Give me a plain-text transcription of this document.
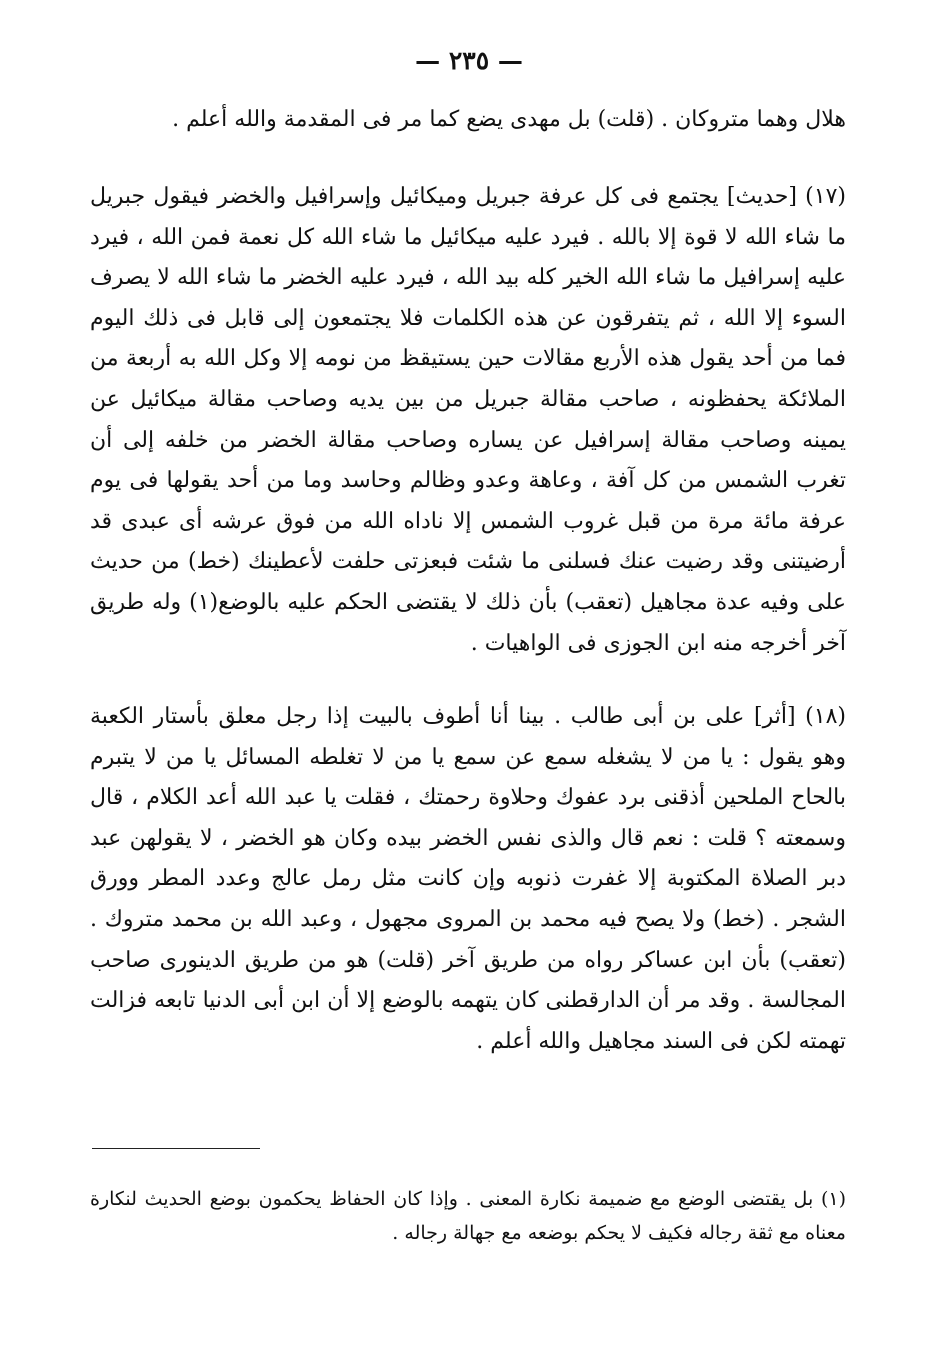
— ٢٣٥ —

هلال وهما متروكان . (قلت) بل مهدى يضع كما مر فى المقدمة والله أعلم .

(١٧) [حديث] يجتمع فى كل عرفة جبريل وميكائيل وإسرافيل والخضر فيقول جبريل ما شاء الله لا قوة إلا بالله . فيرد عليه ميكائيل ما شاء الله كل نعمة فمن الله ، فيرد عليه إسرافيل ما شاء الله الخير كله بيد الله ، فيرد عليه الخضر ما شاء الله لا يصرف السوء إلا الله ، ثم يتفرقون عن هذه الكلمات فلا يجتمعون إلى قابل فى ذلك اليوم فما من أحد يقول هذه الأربع مقالات حين يستيقظ من نومه إلا وكل الله به أربعة من الملائكة يحفظونه ، صاحب مقالة جبريل من بين يديه وصاحب مقالة ميكائيل عن يمينه وصاحب مقالة إسرافيل عن يساره وصاحب مقالة الخضر من خلفه إلى أن تغرب الشمس من كل آفة ، وعاهة وعدو وظالم وحاسد وما من أحد يقولها فى يوم عرفة مائة مرة من قبل غروب الشمس إلا ناداه الله من فوق عرشه أى عبدى قد أرضيتنى وقد رضيت عنك فسلنى ما شئت فبعزتى حلفت لأعطينك (خط) من حديث على وفيه عدة مجاهيل (تعقب) بأن ذلك لا يقتضى الحكم عليه بالوضع(١) وله طريق آخر أخرجه منه ابن الجوزى فى الواهيات .

(١٨) [أثر] على بن أبى طالب . بينا أنا أطوف بالبيت إذا رجل معلق بأستار الكعبة وهو يقول : يا من لا يشغله سمع عن سمع يا من لا تغلطه المسائل يا من لا يتبرم بالحاح الملحين أذقنى برد عفوك وحلاوة رحمتك ، فقلت يا عبد الله أعد الكلام ، قال وسمعته ؟ قلت : نعم قال والذى نفس الخضر بيده وكان هو الخضر ، لا يقولهن عبد دبر الصلاة المكتوبة إلا غفرت ذنوبه وإن كانت مثل رمل عالج وعدد المطر وورق الشجر . (خط) ولا يصح فيه محمد بن المروى مجهول ، وعبد الله بن محمد متروك . (تعقب) بأن ابن عساكر رواه من طريق آخر (قلت) هو من طريق الدينورى صاحب المجالسة . وقد مر أن الدارقطنى كان يتهمه بالوضع إلا أن ابن أبى الدنيا تابعه فزالت تهمته لكن فى السند مجاهيل والله أعلم .

(١) بل يقتضى الوضع مع ضميمة نكارة المعنى . وإذا كان الحفاظ يحكمون بوضع الحديث لنكارة معناه مع ثقة رجاله فكيف لا يحكم بوضعه مع جهالة رجاله .
